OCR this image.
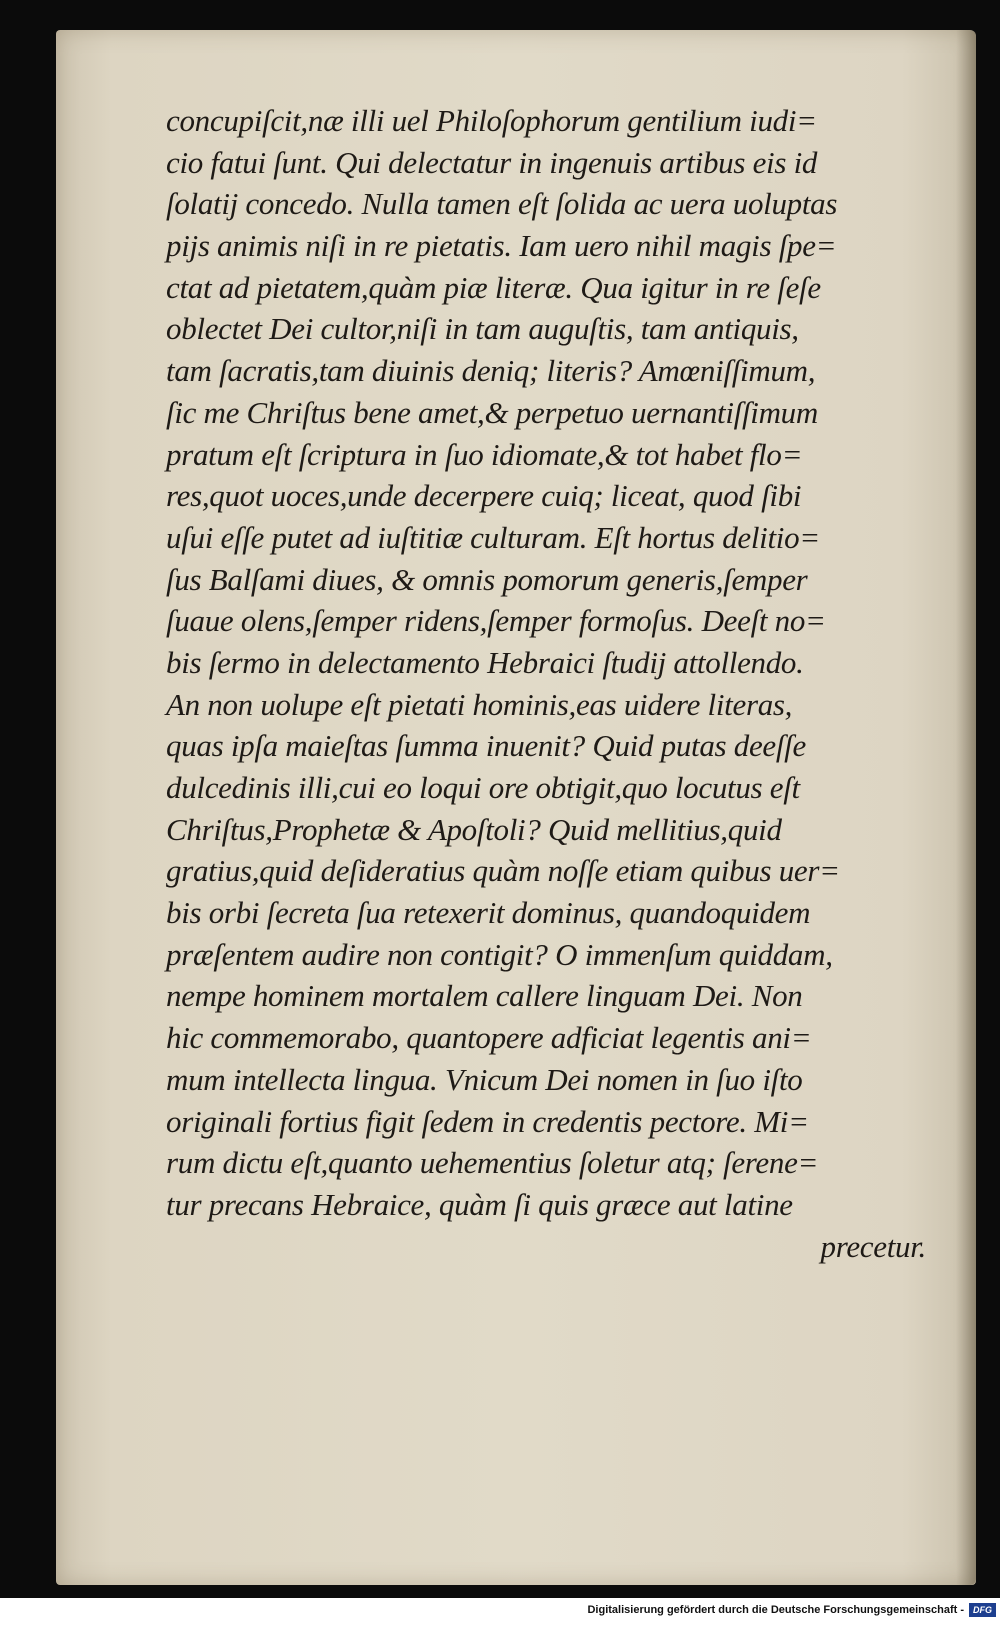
concupiſcit,næ illi uel Philoſophorum gentilium iudi=
cio fatui ſunt. Qui delectatur in ingenuis artibus eis id
ſolatij concedo. Nulla tamen eſt ſolida ac uera uoluptas
pijs animis niſi in re pietatis. Iam uero nihil magis ſpe=
ctat ad pietatem,quàm piæ literæ. Qua igitur in re ſeſe
oblectet Dei cultor,niſi in tam auguſtis, tam antiquis,
tam ſacratis,tam diuinis deniq; literis? Amœniſſimum,
ſic me Chriſtus bene amet,& perpetuo uernantiſſimum
pratum eſt ſcriptura in ſuo idiomate,& tot habet flo=
res,quot uoces,unde decerpere cuiq; liceat, quod ſibi
uſui eſſe putet ad iuſtitiæ culturam. Eſt hortus delitio=
ſus Balſami diues, & omnis pomorum generis,ſemper
ſuaue olens,ſemper ridens,ſemper formoſus. Deeſt no=
bis ſermo in delectamento Hebraici ſtudij attollendo.
An non uolupe eſt pietati hominis,eas uidere literas,
quas ipſa maieſtas ſumma inuenit? Quid putas deeſſe
dulcedinis illi,cui eo loqui ore obtigit,quo locutus eſt
Chriſtus,Prophetæ & Apoſtoli? Quid mellitius,quid
gratius,quid deſideratius quàm noſſe etiam quibus uer=
bis orbi ſecreta ſua retexerit dominus, quandoquidem
præſentem audire non contigit? O immenſum quiddam,
nempe hominem mortalem callere linguam Dei. Non
hic commemorabo, quantopere adficiat legentis ani=
mum intellecta lingua. Vnicum Dei nomen in ſuo iſto
originali fortius figit ſedem in credentis pectore. Mi=
rum dictu eſt,quanto uehementius ſoletur atq; ſerene=
tur precans Hebraice, quàm ſi quis græce aut latine
precetur.
Digitalisierung gefördert durch die Deutsche Forschungsgemeinschaft -	DFG
